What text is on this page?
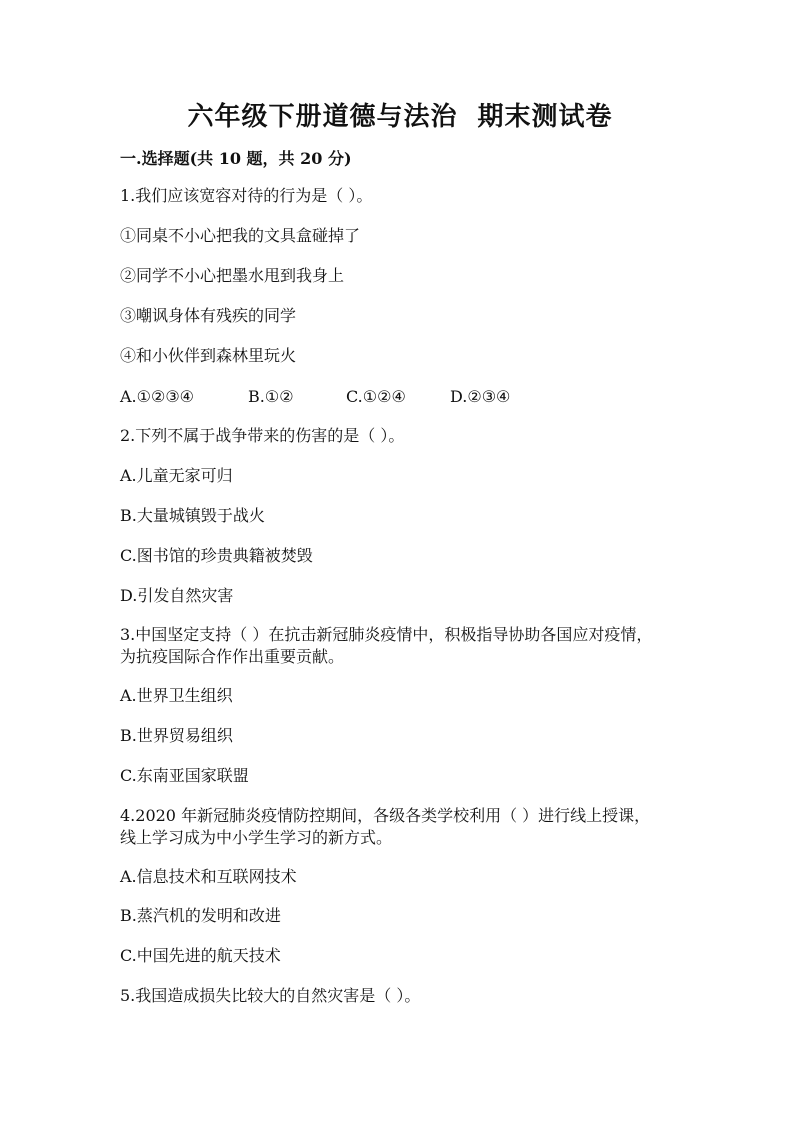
六年级下册道德与法治  期末测试卷
一.选择题(共 10 题，共 20 分)
1.我们应该宽容对待的行为是（ ）。
①同桌不小心把我的文具盒碰掉了
②同学不小心把墨水甩到我身上
③嘲讽身体有残疾的同学
④和小伙伴到森林里玩火
A.①②③④	B.①②	C.①②④	D.②③④
2.下列不属于战争带来的伤害的是（ ）。
A.儿童无家可归
B.大量城镇毁于战火
C.图书馆的珍贵典籍被焚毁
D.引发自然灾害
3.中国坚定支持（ ）在抗击新冠肺炎疫情中，积极指导协助各国应对疫情，
为抗疫国际合作作出重要贡献。
A.世界卫生组织
B.世界贸易组织
C.东南亚国家联盟
4.2020 年新冠肺炎疫情防控期间，各级各类学校利用（ ）进行线上授课，
线上学习成为中小学生学习的新方式。
A.信息技术和互联网技术
B.蒸汽机的发明和改进
C.中国先进的航天技术
5.我国造成损失比较大的自然灾害是（ ）。
